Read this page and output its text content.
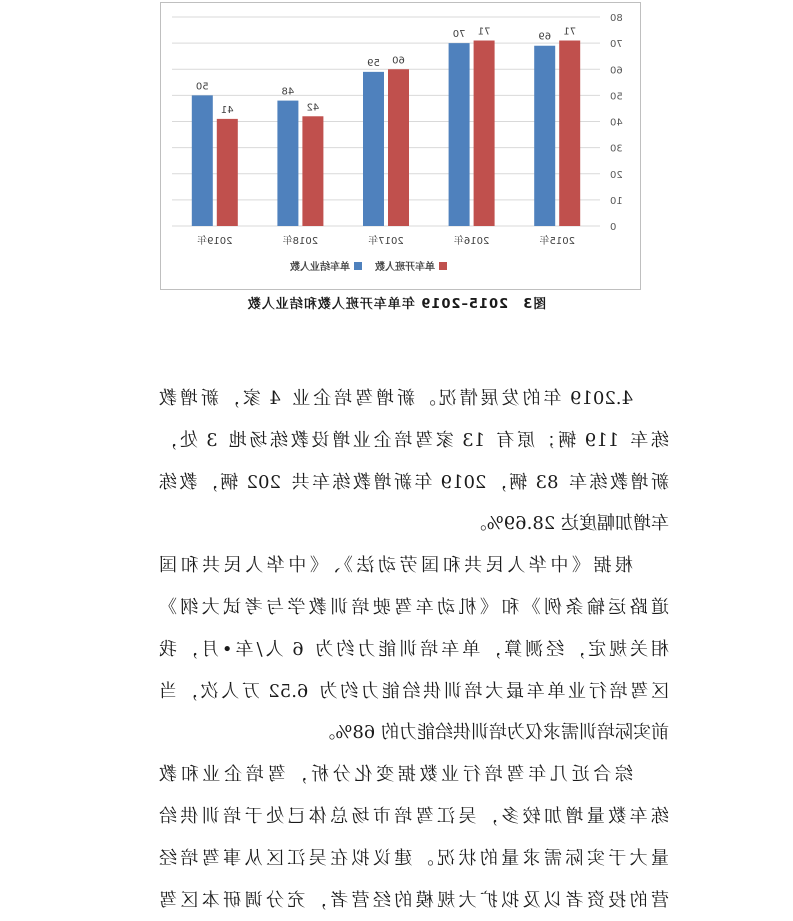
0
10
20
30
40
50
60
70
80
71
69
2015年
71
70
2016年
60
59
2017年
42
48
2018年
41
50
2019年
单车开班人数
单车结业人数
图3　2015–2019 年单车开班人数和结业人数
4.2019 年的发展情况。新增驾培企业 4 家，新增教
练车 119 辆；原有 13 家驾培企业增设教练场地 3 处，
新增教练车 83 辆，2019 年新增教练车共 202 辆，教练
车增加幅度达 28.69%。
根据《中华人民共和国劳动法》、《中华人民共和国
道路运输条例》和《机动车驾驶培训教学与考试大纲》
相关规定，经测算，单车培训能力约为 6 人/车•月，我
区驾培行业单车最大培训供给能力约为 6.52 万人次，当
前实际培训需求仅为培训供给能力的 68%。
综合近几年驾培行业数据变化分析，驾培企业和教
练车数量增加较多，吴江驾培市场总体已处于培训供给
量大于实际需求量的状况。建议拟在吴江区从事驾培经
营的投资者以及拟扩大规模的经营者，充分调研本区驾
